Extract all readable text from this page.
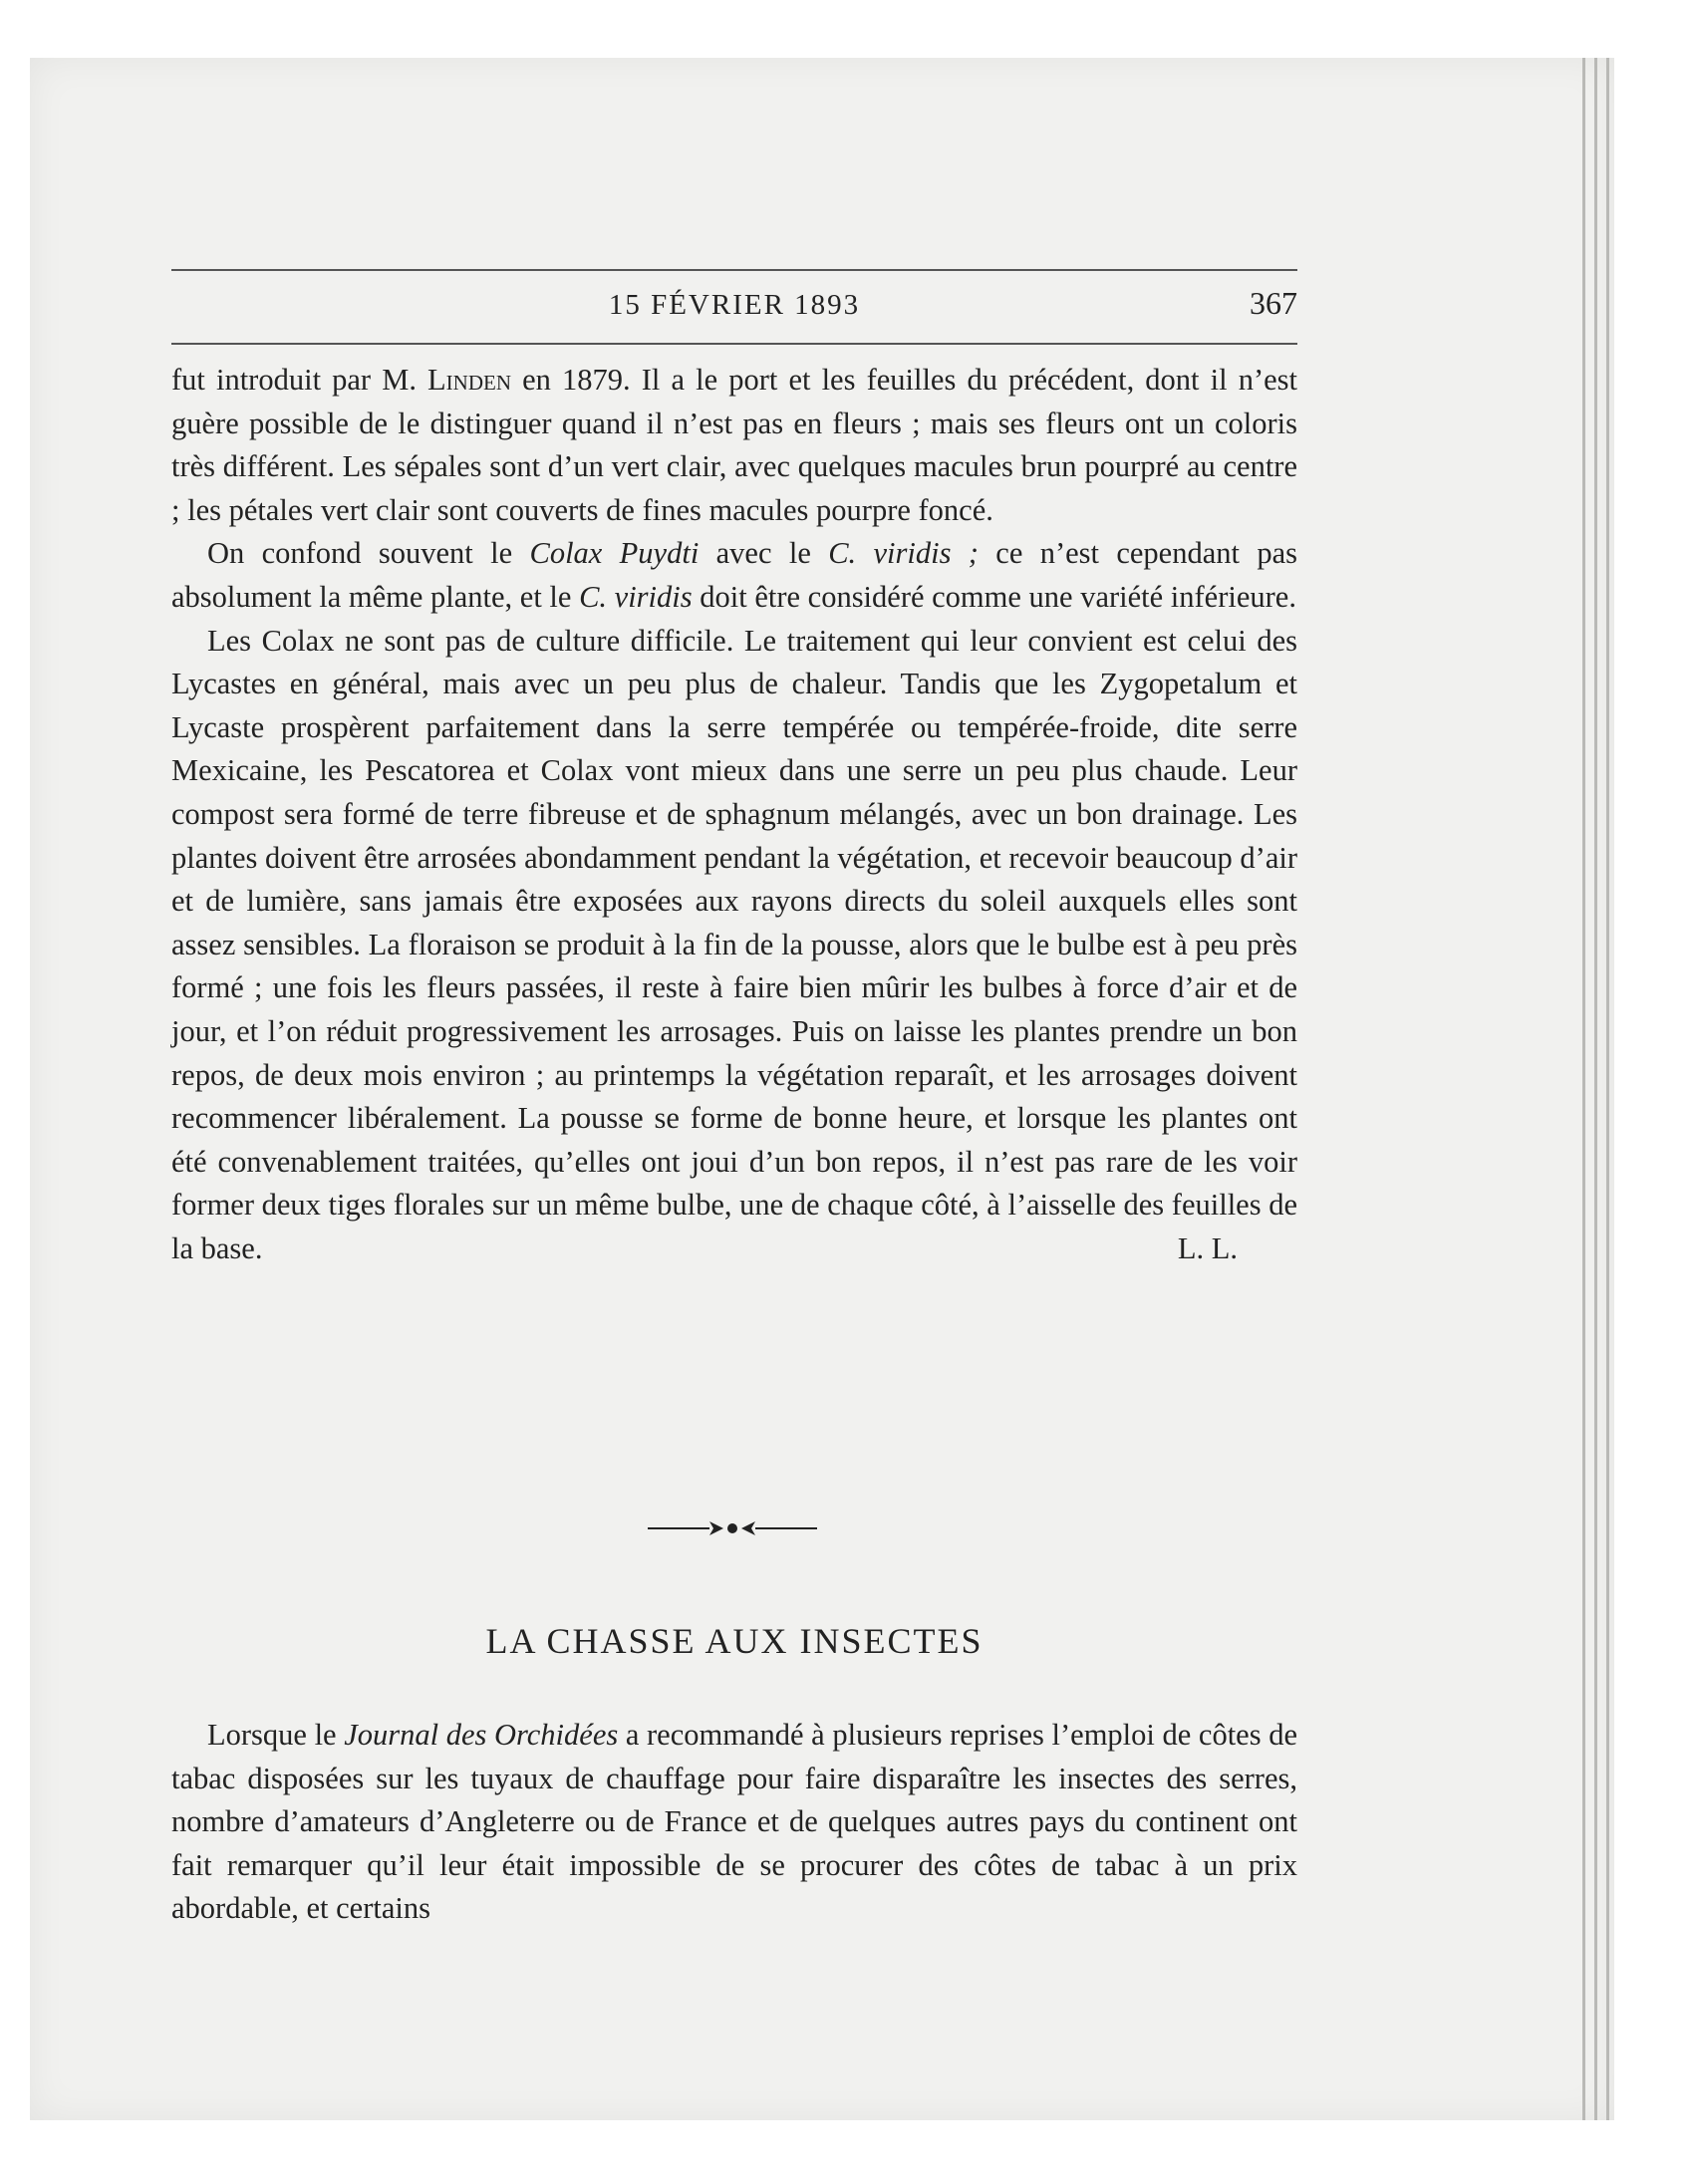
15 FÉVRIER 1893	367

fut introduit par M. Linden en 1879. Il a le port et les feuilles du précédent, dont il n’est guère possible de le distinguer quand il n’est pas en fleurs ; mais ses fleurs ont un coloris très différent. Les sépales sont d’un vert clair, avec quelques macules brun pourpré au centre ; les pétales vert clair sont couverts de fines macules pourpre foncé.

On confond souvent le Colax Puydti avec le C. viridis ; ce n’est cependant pas absolument la même plante, et le C. viridis doit être considéré comme une variété inférieure.

Les Colax ne sont pas de culture difficile. Le traitement qui leur convient est celui des Lycastes en général, mais avec un peu plus de chaleur. Tandis que les Zygopetalum et Lycaste prospèrent parfaitement dans la serre tempérée ou tempérée-froide, dite serre Mexicaine, les Pescatorea et Colax vont mieux dans une serre un peu plus chaude. Leur compost sera formé de terre fibreuse et de sphagnum mélangés, avec un bon drainage. Les plantes doivent être arrosées abondamment pendant la végétation, et recevoir beaucoup d’air et de lumière, sans jamais être exposées aux rayons directs du soleil auxquels elles sont assez sensibles. La floraison se produit à la fin de la pousse, alors que le bulbe est à peu près formé ; une fois les fleurs passées, il reste à faire bien mûrir les bulbes à force d’air et de jour, et l’on réduit progressivement les arrosages. Puis on laisse les plantes prendre un bon repos, de deux mois environ ; au printemps la végétation reparaît, et les arrosages doivent recommencer libéralement. La pousse se forme de bonne heure, et lorsque les plantes ont été convenablement traitées, qu’elles ont joui d’un bon repos, il n’est pas rare de les voir former deux tiges florales sur un même bulbe, une de chaque côté, à l’aisselle des feuilles de la base.	L. L.

LA CHASSE AUX INSECTES

Lorsque le Journal des Orchidées a recommandé à plusieurs reprises l’emploi de côtes de tabac disposées sur les tuyaux de chauffage pour faire disparaître les insectes des serres, nombre d’amateurs d’Angleterre ou de France et de quelques autres pays du continent ont fait remarquer qu’il leur était impossible de se procurer des côtes de tabac à un prix abordable, et certains
